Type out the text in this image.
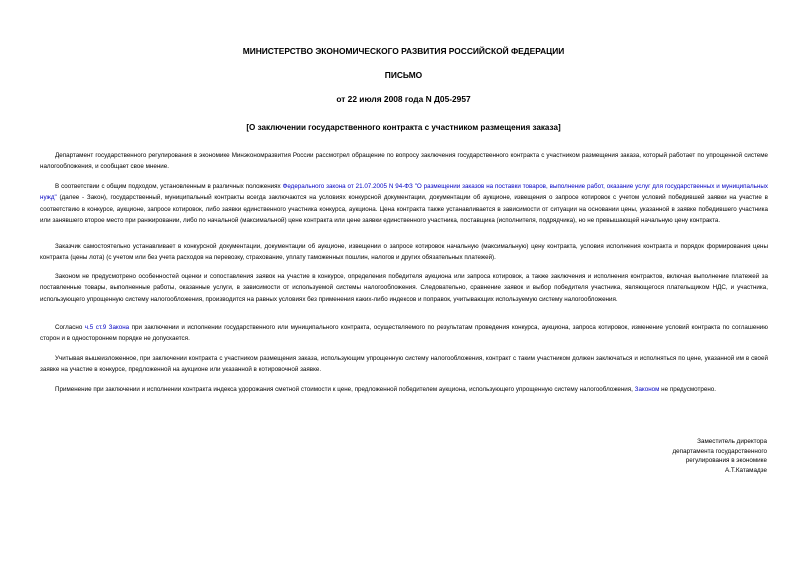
МИНИСТЕРСТВО ЭКОНОМИЧЕСКОГО РАЗВИТИЯ РОССИЙСКОЙ ФЕДЕРАЦИИ
ПИСЬМО
от 22 июля 2008 года N Д05-2957
[О заключении государственного контракта с участником размещения заказа]

Департамент государственного регулирования в экономике Минэкономразвития России рассмотрел обращение по вопросу заключения государственного контракта с участником размещения заказа, который работает по упрощенной системе налогообложения, и сообщает свое мнение.

В соответствии с общим подходом, установленным в различных положениях Федерального закона от 21.07.2005 N 94-ФЗ "О размещении заказов на поставки товаров, выполнение работ, оказание услуг для государственных и муниципальных нужд" (далее - Закон), государственный, муниципальный контракты всегда заключаются на условиях конкурсной документации, документации об аукционе, извещения о запросе котировок с учетом условий победившей заявки на участие в соответствию в конкурсе, аукционе, запросе котировок, либо заявки единственного участника конкурса, аукциона. Цена контракта также устанавливается в зависимости от ситуации на основании цены, указанной в заявке победившего участника или занявшего второе место при ранжировании, либо по начальной (максимальной) цене контракта или цене заявки единственного участника, поставщика (исполнителя, подрядчика), но не превышающей начальную цену контракта.

Заказчик самостоятельно устанавливает в конкурсной документации, документации об аукционе, извещении о запросе котировок начальную (максимальную) цену контракта, условия исполнения контракта и порядок формирования цены контракта (цены лота) (с учетом или без учета расходов на перевозку, страхование, уплату таможенных пошлин, налогов и других обязательных платежей).

Законом не предусмотрено особенностей оценки и сопоставления заявок на участие в конкурсе, определения победителя аукциона или запроса котировок, а также заключения и исполнения контрактов, включая выполнение платежей за поставленные товары, выполненные работы, оказанные услуги, в зависимости от используемой системы налогообложения. Следовательно, сравнение заявок и выбор победителя участника, являющегося плательщиком НДС, и участника, использующего упрощенную систему налогообложения, производится на равных условиях без применения каких-либо индексов и поправок, учитывающих используемую систему налогообложения.

Согласно ч.5 ст.9 Закона при заключении и исполнении государственного или муниципального контракта, осуществляемого по результатам проведения конкурса, аукциона, запроса котировок, изменение условий контракта по соглашению сторон и в одностороннем порядке не допускается.

Учитывая вышеизложенное, при заключении контракта с участником размещения заказа, использующим упрощенную систему налогообложения, контракт с таким участником должен заключаться и исполняться по цене, указанной им в своей заявке на участие в конкурсе, предложенной на аукционе или указанной в котировочной заявке.

Применение при заключении и исполнении контракта индекса удорожания сметной стоимости к цене, предложенной победителем аукциона, использующего упрощенную систему налогообложения, Законом не предусмотрено.

Заместитель директора
департамента государственного
регулирования в экономике
А.Т.Катамадзе
